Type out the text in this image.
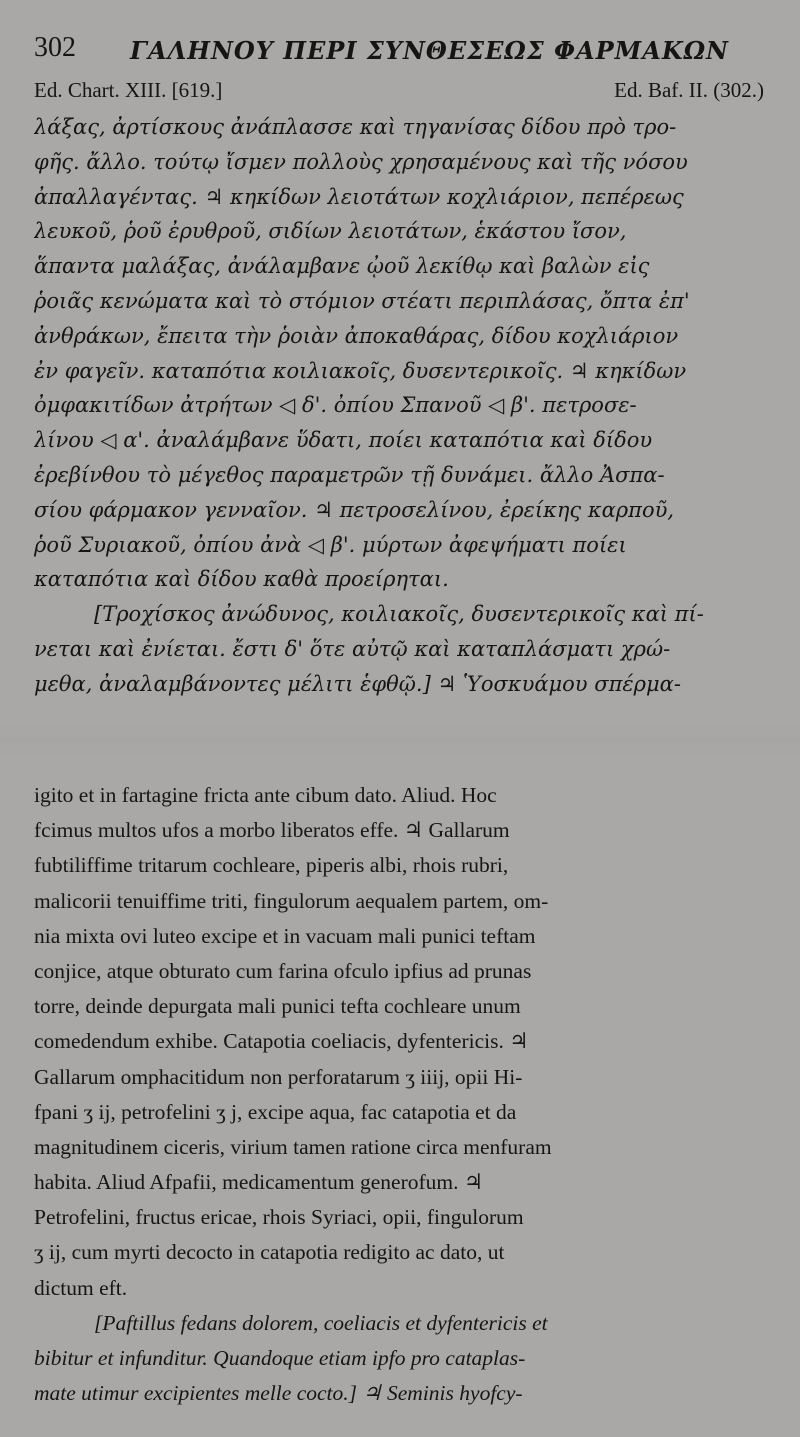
302 ΓΑΛΗΝΟΥ ΠΕΡΙ ΣΥΝΘΕΣΕΩΣ ΦΑΡΜΑΚΩΝ
Ed. Chart. XIII. [619.]	Ed. Baf. II. (302.)
λάξας, ἀρτίσκους ἀνάπλασσε καὶ τηγανίσας δίδου πρὸ τρο-
φῆς. ἄλλο. τούτῳ ἴσμεν πολλοὺς χρησαμένους καὶ τῆς νόσου
ἀπαλλαγέντας. ♃ κηκίδων λειοτάτων κοχλιάριον, πεπέρεως
λευκοῦ, ῥοῦ ἐρυθροῦ, σιδίων λειοτάτων, ἑκάστου ἴσον,
ἅπαντα μαλάξας, ἀνάλαμβανε ᾠοῦ λεκίθῳ καὶ βαλὼν εἰς
ῥοιᾶς κενώματα καὶ τὸ στόμιον στέατι περιπλάσας, ὄπτα ἐπ'
ἀνθράκων, ἔπειτα τὴν ῥοιὰν ἀποκαθάρας, δίδου κοχλιάριον
ἐν φαγεῖν. καταπότια κοιλιακοῖς, δυσεντερικοῖς. ♃ κηκίδων
ὀμφακιτίδων ἀτρήτων ◁ δ'. ὀπίου Σπανοῦ ◁ β'. πετροσε-
λίνου ◁ α'. ἀναλάμβανε ὕδατι, ποίει καταπότια καὶ δίδου
ἐρεβίνθου τὸ μέγεθος παραμετρῶν τῇ δυνάμει. ἄλλο Ἀσπα-
σίου φάρμακον γενναῖον. ♃ πετροσελίνου, ἐρείκης καρποῦ,
ῥοῦ Συριακοῦ, ὀπίου ἀνὰ ◁ β'. μύρτων ἀφεψήματι ποίει
καταπότια καὶ δίδου καθὰ προείρηται.
[Τροχίσκος ἀνώδυνος, κοιλιακοῖς, δυσεντερικοῖς καὶ πί-
νεται καὶ ἐνίεται. ἔστι δ' ὅτε αὐτῷ καὶ καταπλάσματι χρώ-
μεθα, ἀναλαμβάνοντες μέλιτι ἑφθῷ.] ♃ Ὑοσκυάμου σπέρμα-
igito et in fartagine fricta ante cibum dato. Aliud. Hoc
fcimus multos ufos a morbo liberatos effe. ♃ Gallarum
fubtiliffime tritarum cochleare, piperis albi, rhois rubri,
malicorii tenuiffime triti, fingulorum aequalem partem, om-
nia mixta ovi luteo excipe et in vacuam mali punici teftam
conjice, atque obturato cum farina ofculo ipfius ad prunas
torre, deinde depurgata mali punici tefta cochleare unum
comedendum exhibe. Catapotia coeliacis, dyfentericis. ♃
Gallarum omphacitidum non perforatarum ʒ iiij, opii Hi-
fpani ʒ ij, petrofelini ʒ j, excipe aqua, fac catapotia et da
magnitudinem ciceris, virium tamen ratione circa menfuram
habita. Aliud Afpafii, medicamentum generofum. ♃
Petrofelini, fructus ericae, rhois Syriaci, opii, fingulorum
ʒ ij, cum myrti decocto in catapotia redigito ac dato, ut
dictum eft.
[Paftillus fedans dolorem, coeliacis et dyfentericis et
bibitur et infunditur. Quandoque etiam ipfo pro cataplas-
mate utimur excipientes melle cocto.] ♃ Seminis hyofcy-
